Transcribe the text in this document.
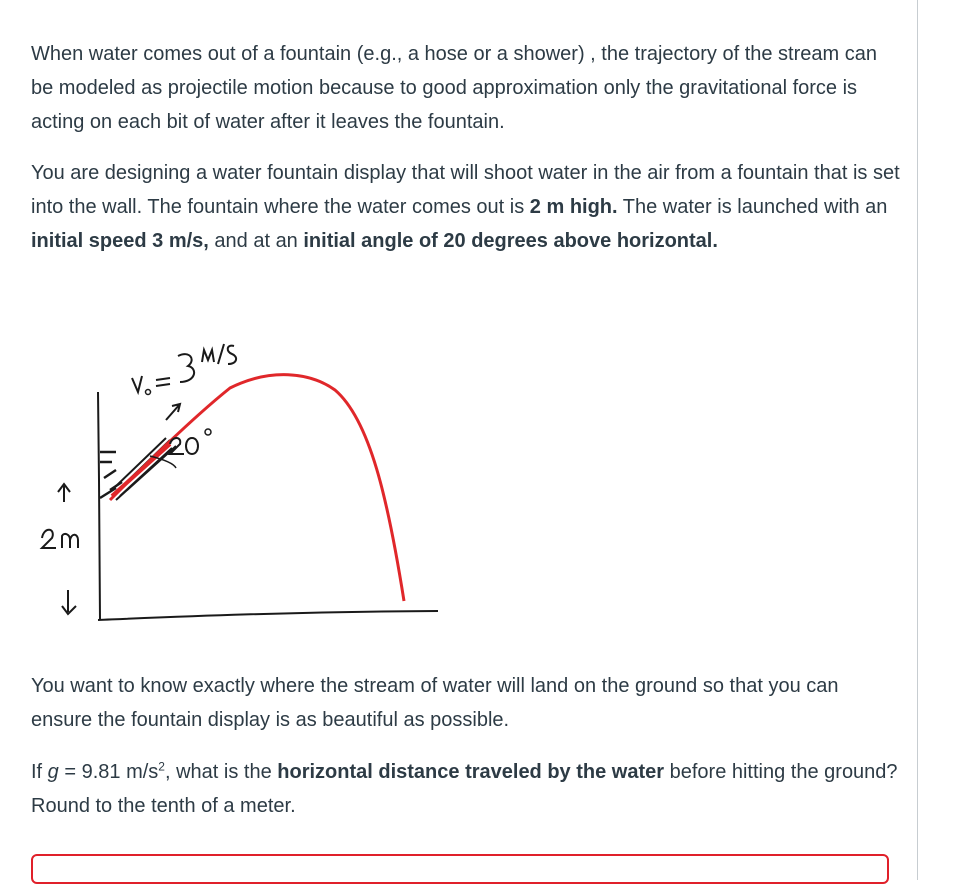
When water comes out of a fountain (e.g., a hose or a shower) , the trajectory of the stream can be modeled as projectile motion because to good approximation only the gravitational force is acting on each bit of water after it leaves the fountain.

You are designing a water fountain display that will shoot water in the air from a fountain that is set into the wall. The fountain where the water comes out is 2 m high. The water is launched with an initial speed 3 m/s, and at an initial angle of 20 degrees above horizontal.

You want to know exactly where the stream of water will land on the ground so that you can ensure the fountain display is as beautiful as possible.

If g = 9.81 $m/s^2$, what is the horizontal distance traveled by the water before hitting the ground? Round to the tenth of a meter.
